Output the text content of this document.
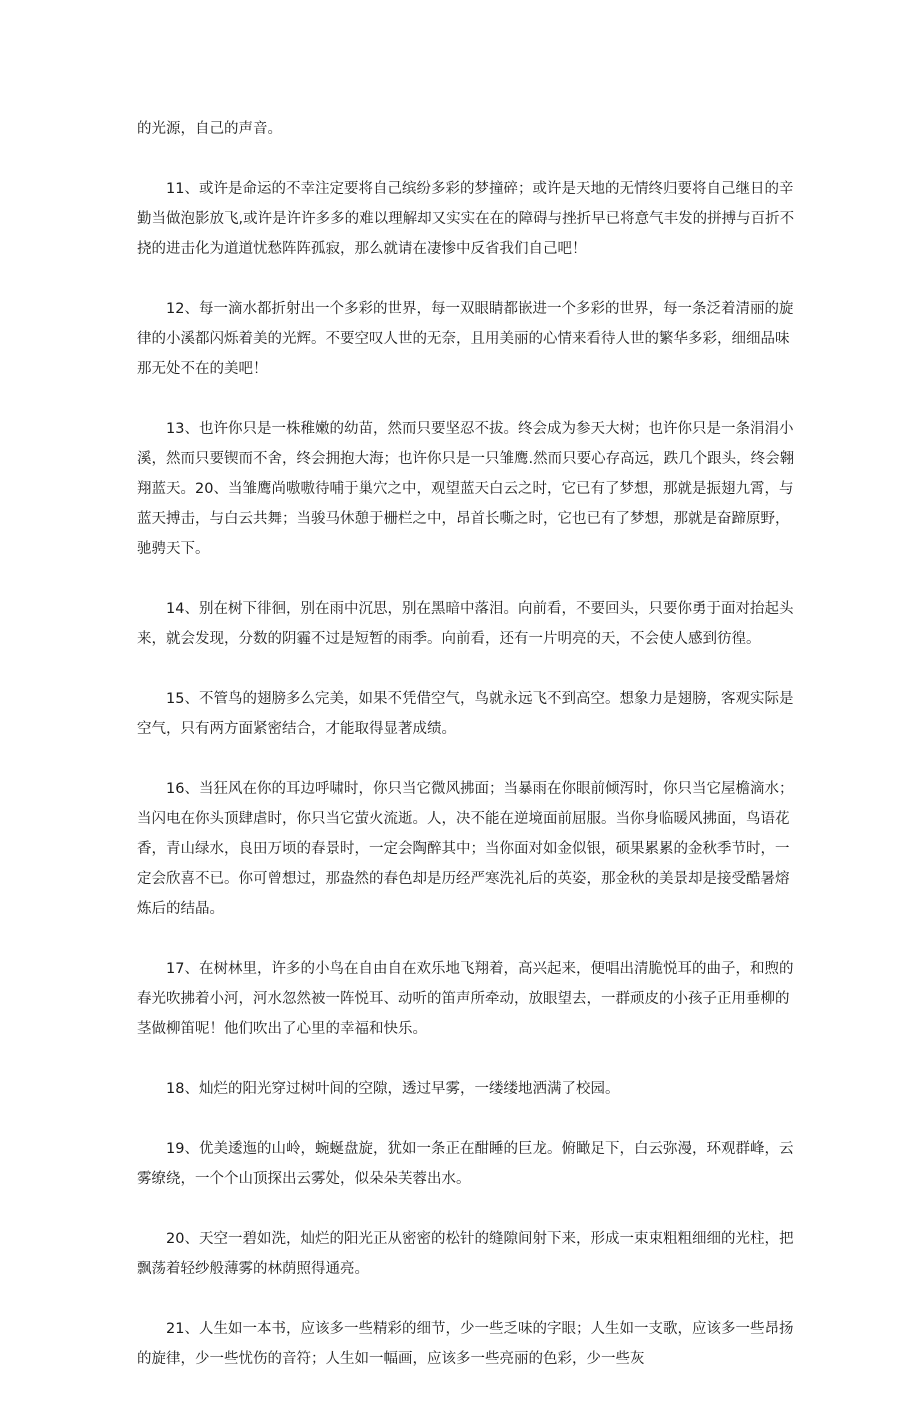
的光源，自己的声音。

11、或许是命运的不幸注定要将自己缤纷多彩的梦撞碎；或许是天地的无情终归要将自己继日的辛勤当做泡影放飞,或许是许许多多的难以理解却又实实在在的障碍与挫折早已将意气丰发的拼搏与百折不挠的进击化为道道忧愁阵阵孤寂，那么就请在凄惨中反省我们自己吧！

12、每一滴水都折射出一个多彩的世界，每一双眼睛都嵌进一个多彩的世界，每一条泛着清丽的旋律的小溪都闪烁着美的光辉。不要空叹人世的无奈，且用美丽的心情来看待人世的繁华多彩，细细品味那无处不在的美吧！

13、也许你只是一株稚嫩的幼苗，然而只要坚忍不拔。终会成为参天大树；也许你只是一条涓涓小溪，然而只要锲而不舍，终会拥抱大海；也许你只是一只雏鹰.然而只要心存高远，跌几个跟头，终会翱翔蓝天。20、当雏鹰尚嗷嗷待哺于巢穴之中，观望蓝天白云之时，它已有了梦想，那就是振翅九霄，与蓝天搏击，与白云共舞；当骏马休憩于栅栏之中，昂首长嘶之时，它也已有了梦想，那就是奋蹄原野，驰骋天下。

14、别在树下徘徊，别在雨中沉思，别在黑暗中落泪。向前看，不要回头，只要你勇于面对抬起头来，就会发现，分数的阴霾不过是短暂的雨季。向前看，还有一片明亮的天，不会使人感到彷徨。

15、不管鸟的翅膀多么完美，如果不凭借空气，鸟就永远飞不到高空。想象力是翅膀，客观实际是空气，只有两方面紧密结合，才能取得显著成绩。

16、当狂风在你的耳边呼啸时，你只当它微风拂面；当暴雨在你眼前倾泻时，你只当它屋檐滴水；当闪电在你头顶肆虐时，你只当它萤火流逝。人，决不能在逆境面前屈服。当你身临暖风拂面，鸟语花香，青山绿水，良田万顷的春景时，一定会陶醉其中；当你面对如金似银，硕果累累的金秋季节时，一定会欣喜不已。你可曾想过，那盎然的春色却是历经严寒洗礼后的英姿，那金秋的美景却是接受酷暑熔炼后的结晶。

17、在树林里，许多的小鸟在自由自在欢乐地飞翔着，高兴起来，便唱出清脆悦耳的曲子，和煦的春光吹拂着小河，河水忽然被一阵悦耳、动听的笛声所牵动，放眼望去，一群顽皮的小孩子正用垂柳的茎做柳笛呢！他们吹出了心里的幸福和快乐。

18、灿烂的阳光穿过树叶间的空隙，透过早雾，一缕缕地洒满了校园。

19、优美逶迤的山岭，蜿蜒盘旋，犹如一条正在酣睡的巨龙。俯瞰足下，白云弥漫，环观群峰，云雾缭绕，一个个山顶探出云雾处，似朵朵芙蓉出水。

20、天空一碧如洗，灿烂的阳光正从密密的松针的缝隙间射下来，形成一束束粗粗细细的光柱，把飘荡着轻纱般薄雾的林荫照得通亮。

21、人生如一本书，应该多一些精彩的细节，少一些乏味的字眼；人生如一支歌，应该多一些昂扬的旋律，少一些忧伤的音符；人生如一幅画，应该多一些亮丽的色彩，少一些灰
